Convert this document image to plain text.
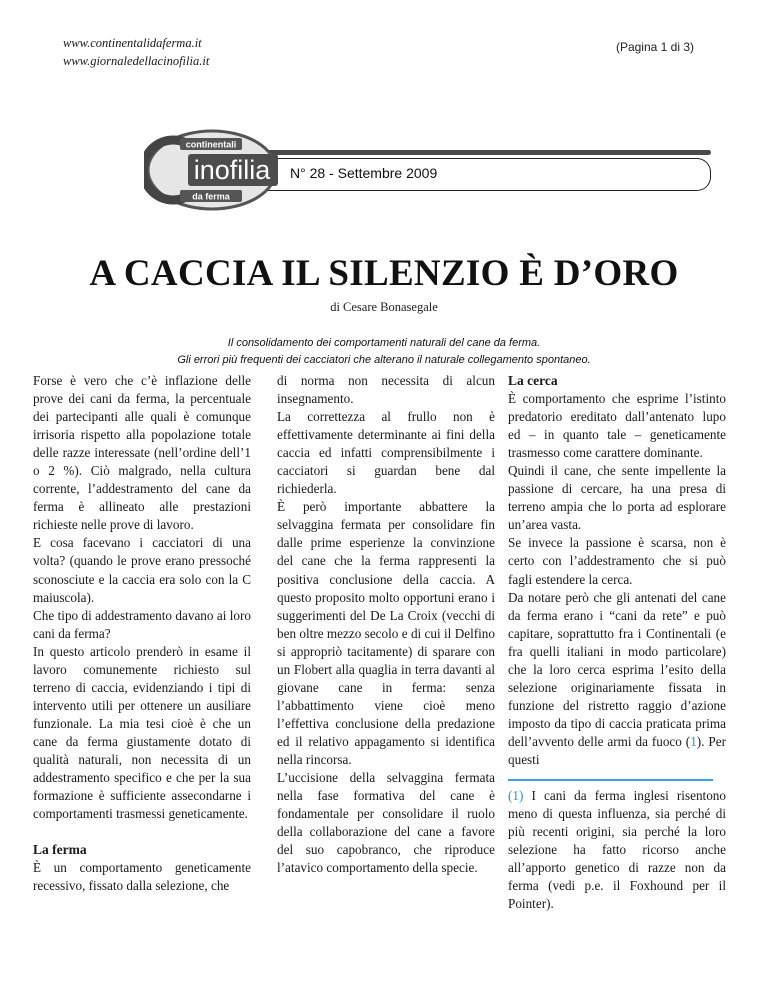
www.continentalidaferma.it
www.giornaledellacinofilia.it
(Pagina 1 di 3)
N° 28 - Settembre 2009
continentali
inofilia
da ferma
A CACCIA IL SILENZIO È D’ORO
di Cesare Bonasegale
Il consolidamento dei comportamenti naturali del cane da ferma.
Gli errori più frequenti dei cacciatori che alterano il naturale collegamento spontaneo.

Forse è vero che c’è inflazione delle prove dei cani da ferma, la percentuale dei partecipanti alle quali è comunque irrisoria rispetto alla popolazione totale delle razze interessate (nell’ordine dell’1 o 2 %). Ciò malgrado, nella cultura corrente, l’addestramento del cane da ferma è allineato alle prestazioni richieste nelle prove di lavoro.

E cosa facevano i cacciatori di una volta? (quando le prove erano pressoché sconosciute e la caccia era solo con la C maiuscola).

Che tipo di addestramento davano ai loro cani da ferma?

In questo articolo prenderò in esame il lavoro comunemente richiesto sul terreno di caccia, evidenziando i tipi di intervento utili per ottenere un ausiliare funzionale. La mia tesi cioè è che un cane da ferma giustamente dotato di qualità naturali, non necessita di un addestramento specifico e che per la sua formazione è sufficiente assecondarne i comportamenti trasmessi geneticamente.

La ferma

È un comportamento geneticamente recessivo, fissato dalla selezione, che

di norma non necessita di alcun insegnamento.

La correttezza al frullo non è effettivamente determinante ai fini della caccia ed infatti comprensibilmente i cacciatori si guardan bene dal richiederla.

È però importante abbattere la selvaggina fermata per consolidare fin dalle prime esperienze la convinzione del cane che la ferma rappresenti la positiva conclusione della caccia. A questo proposito molto opportuni erano i suggerimenti del De La Croix (vecchi di ben oltre mezzo secolo e di cui il Delfino si appropriò tacitamente) di sparare con un Flobert alla quaglia in terra davanti al giovane cane in ferma: senza l’abbattimento viene cioè meno l’effettiva conclusione della predazione ed il relativo appagamento si identifica nella rincorsa.

L’uccisione della selvaggina fermata nella fase formativa del cane è fondamentale per consolidare il ruolo della collaborazione del cane a favore del suo capobranco, che riproduce l’atavico comportamento della specie.

La cerca

È comportamento che esprime l’istinto predatorio ereditato dall’antenato lupo ed – in quanto tale – geneticamente trasmesso come carattere dominante.

Quindi il cane, che sente impellente la passione di cercare, ha una presa di terreno ampia che lo porta ad esplorare un’area vasta.

Se invece la passione è scarsa, non è certo con l’addestramento che si può fagli estendere la cerca.

Da notare però che gli antenati del cane da ferma erano i “cani da rete” e può capitare, soprattutto fra i Continentali (e fra quelli italiani in modo particolare) che la loro cerca esprima l’esito della selezione originariamente fissata in funzione del ristretto raggio d’azione imposto da tipo di caccia praticata prima dell’avvento delle armi da fuoco (1). Per questi

(1) I cani da ferma inglesi risentono meno di questa influenza, sia perché di più recenti origini, sia perché la loro selezione ha fatto ricorso anche all’apporto genetico di razze non da ferma (vedi p.e. il Foxhound per il Pointer).
